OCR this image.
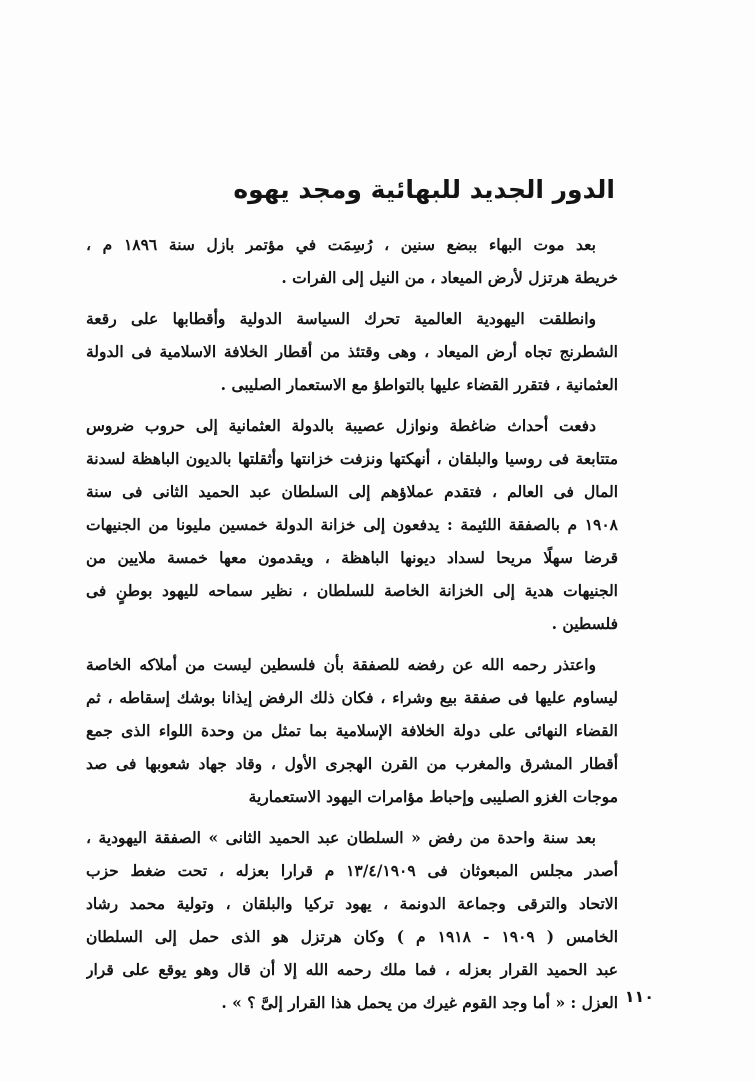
الدور الجديد للبهائية ومجد يهوه
بعد موت البهاء ببضع سنين ، رُسِمَت في مؤتمر بازل سنة ١٨٩٦ م ،
خريطة هرتزل لأرض الميعاد ، من النيل إلى الفرات .
وانطلقت اليهودية العالمية تحرك السياسة الدولية وأقطابها على رقعة
الشطرنج تجاه أرض الميعاد ، وهى وقتئذ من أقطار الخلافة الاسلامية فى الدولة
العثمانية ، فتقرر القضاء عليها بالتواطؤ مع الاستعمار الصليبى .
دفعت أحداث ضاغطة ونوازل عصيبة بالدولة العثمانية إلى حروب ضروس
متتابعة فى روسيا والبلقان ، أنهكتها ونزفت خزانتها وأثقلتها بالديون الباهظة لسدنة
المال فى العالم ، فتقدم عملاؤهم إلى السلطان عبد الحميد الثانى فى سنة
١٩٠٨ م بالصفقة اللئيمة : يدفعون إلى خزانة الدولة خمسين مليونا من الجنيهات
قرضا سهلًا مريحا لسداد ديونها الباهظة ، ويقدمون معها خمسة ملايين من
الجنيهات هدية إلى الخزانة الخاصة للسلطان ، نظير سماحه لليهود بوطنٍ فى
فلسطين .
واعتذر رحمه الله عن رفضه للصفقة بأن فلسطين ليست من أملاكه الخاصة
ليساوم عليها فى صفقة بيع وشراء ، فكان ذلك الرفض إيذانا بوشك إسقاطه ، ثم
القضاء النهائى على دولة الخلافة الإسلامية بما تمثل من وحدة اللواء الذى جمع
أقطار المشرق والمغرب من القرن الهجرى الأول ، وقاد جهاد شعوبها فى صد
موجات الغزو الصليبى وإحباط مؤامرات اليهود الاستعمارية
بعد سنة واحدة من رفض « السلطان عبد الحميد الثانى » الصفقة اليهودية ،
أصدر مجلس المبعوثان فى ١٣/٤/١٩٠٩ م قرارا بعزله ، تحت ضغط حزب
الاتحاد والترقى وجماعة الدونمة ، يهود تركيا والبلقان ، وتولية محمد رشاد
الخامس ( ١٩٠٩ - ١٩١٨ م ) وكان هرتزل هو الذى حمل إلى السلطان
عبد الحميد القرار بعزله ، فما ملك رحمه الله إلا أن قال وهو يوقع على قرار
العزل : « أما وجد القوم غيرك من يحمل هذا القرار إلىَّ ؟ » . ١١٠
